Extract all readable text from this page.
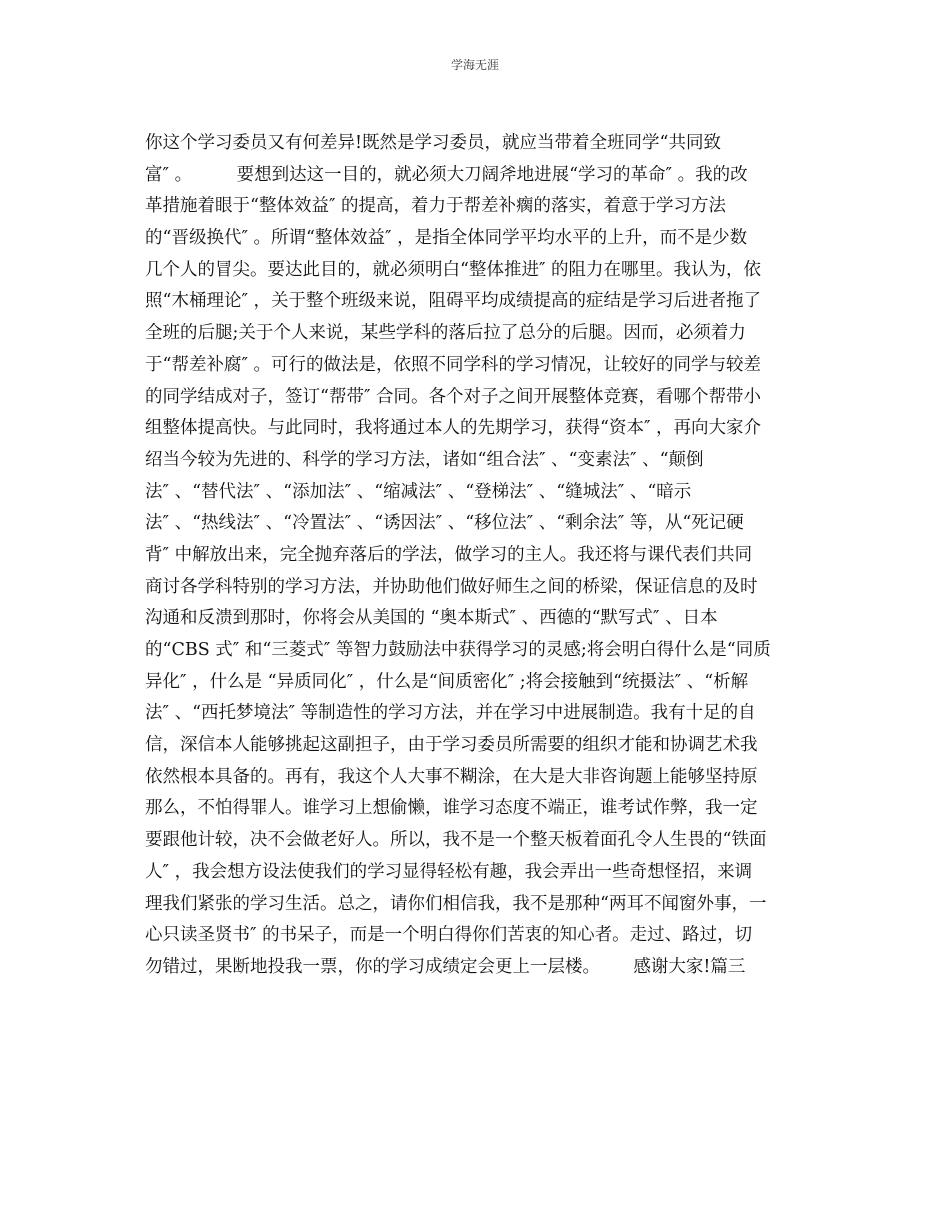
学海无涯
你这个学习委员又有何差异!既然是学习委员，就应当带着全班同学“共同致
富″ 。        要想到达这一目的，就必须大刀阔斧地进展“学习的革命″ 。我的改
革措施着眼于“整体效益″ 的提高，着力于帮差补瘸的落实，着意于学习方法
的“晋级换代″ 。所谓“整体效益″ ，是指全体同学平均水平的上升，而不是少数
几个人的冒尖。要达此目的，就必须明白“整体推进″ 的阻力在哪里。我认为，依
照“木桶理论″ ，关于整个班级来说，阻碍平均成绩提高的症结是学习后进者拖了
全班的后腿;关于个人来说，某些学科的落后拉了总分的后腿。因而，必须着力
于“帮差补腐″ 。可行的做法是，依照不同学科的学习情况，让较好的同学与较差
的同学结成对子，签订“帮带″ 合同。各个对子之间开展整体竞赛，看哪个帮带小
组整体提高快。与此同时，我将通过本人的先期学习，获得“资本″ ，再向大家介
绍当今较为先进的、科学的学习方法，诸如“组合法″ 、“变素法″ 、“颠倒
法″ 、“替代法″ 、“添加法″ 、“缩减法″ 、“登梯法″ 、“缝城法″ 、“暗示
法″ 、“热线法″ 、“冷置法″ 、“诱因法″ 、“移位法″ 、“剩余法″ 等，从“死记硬
背″ 中解放出来，完全抛弃落后的学法，做学习的主人。我还将与课代表们共同
商讨各学科特别的学习方法，并协助他们做好师生之间的桥梁，保证信息的及时
沟通和反溃到那时，你将会从美国的 “奥本斯式″ 、西德的“默写式″ 、日本
的“CBS 式″ 和“三菱式″ 等智力鼓励法中获得学习的灵感;将会明白得什么是“同质
异化″ ，什么是 “异质同化″ ，什么是“间质密化″ ;将会接触到“统摄法″ 、“析解
法″ 、“西托梦境法″ 等制造性的学习方法，并在学习中进展制造。我有十足的自
信，深信本人能够挑起这副担子，由于学习委员所需要的组织才能和协调艺术我
依然根本具备的。再有，我这个人大事不糊涂，在大是大非咨询题上能够坚持原
那么，不怕得罪人。谁学习上想偷懒，谁学习态度不端正，谁考试作弊，我一定
要跟他计较，决不会做老好人。所以，我不是一个整天板着面孔令人生畏的“铁面
人″ ，我会想方设法使我们的学习显得轻松有趣，我会弄出一些奇想怪招，来调
理我们紧张的学习生活。总之，请你们相信我，我不是那种“两耳不闻窗外事，一
心只读圣贤书″ 的书呆子，而是一个明白得你们苦衷的知心者。走过、路过，切
勿错过，果断地投我一票，你的学习成绩定会更上一层楼。      感谢大家!篇三
